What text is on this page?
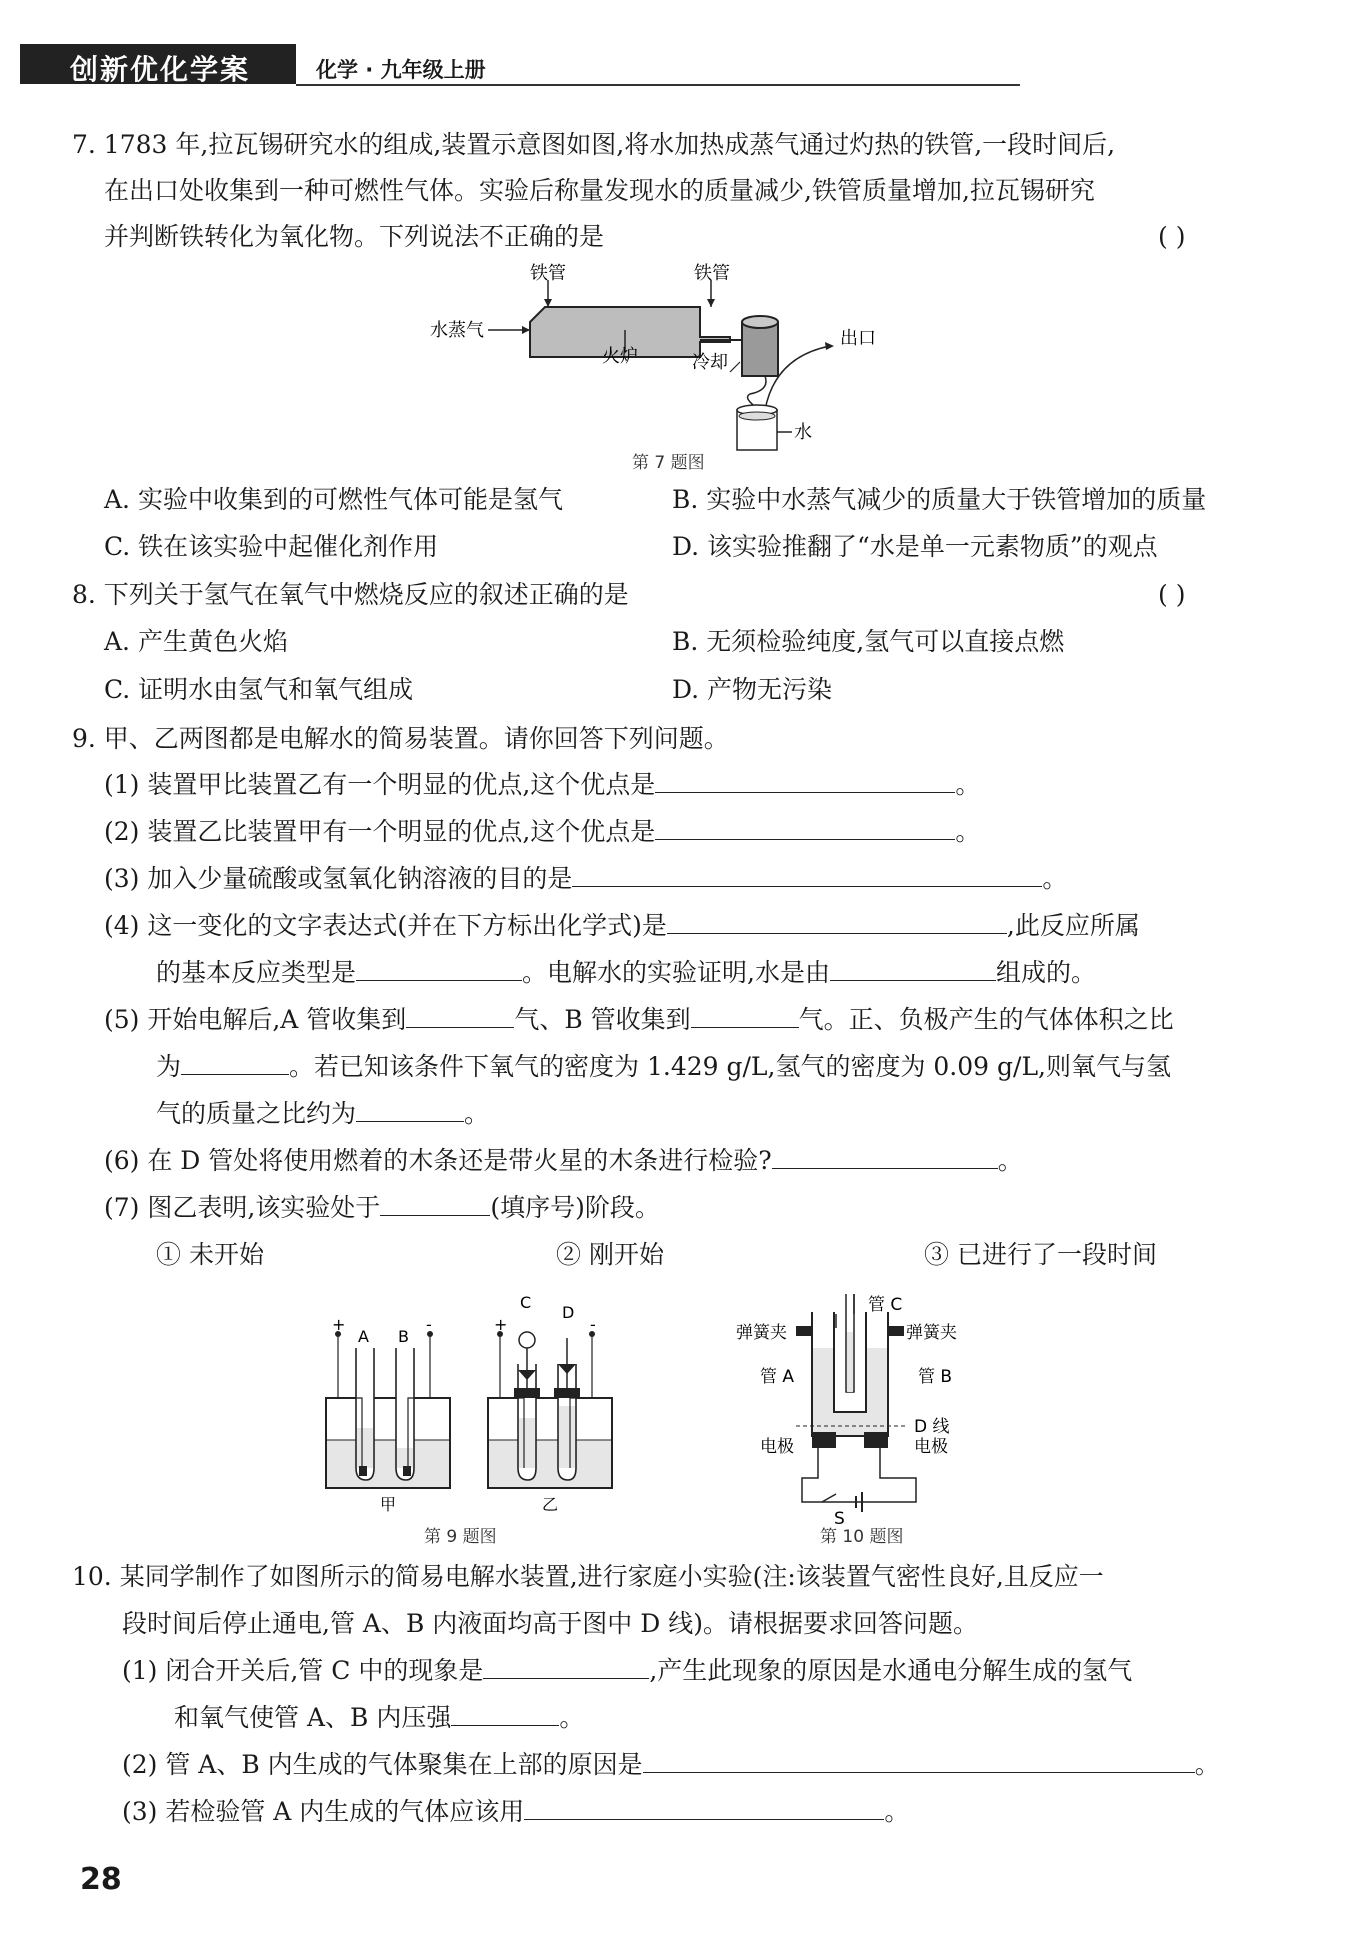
创新优化学案	化学 · 九年级上册
7. 1783 年,拉瓦锡研究水的组成,装置示意图如图,将水加热成蒸气通过灼热的铁管,一段时间后,
在出口处收集到一种可燃性气体。实验后称量发现水的质量减少,铁管质量增加,拉瓦锡研究
并判断铁转化为氧化物。下列说法不正确的是	( )
铁管	铁管
水蒸气
火炉	冷却
出口
水
第 7 题图
A. 实验中收集到的可燃性气体可能是氢气	B. 实验中水蒸气减少的质量大于铁管增加的质量
C. 铁在该实验中起催化剂作用	D. 该实验推翻了“水是单一元素物质”的观点
8. 下列关于氢气在氧气中燃烧反应的叙述正确的是	( )
A. 产生黄色火焰	B. 无须检验纯度,氢气可以直接点燃
C. 证明水由氢气和氧气组成	D. 产物无污染
9. 甲、乙两图都是电解水的简易装置。请你回答下列问题。
(1) 装置甲比装置乙有一个明显的优点,这个优点是	。
(2) 装置乙比装置甲有一个明显的优点,这个优点是	。
(3) 加入少量硫酸或氢氧化钠溶液的目的是	。
(4) 这一变化的文字表达式(并在下方标出化学式)是	,此反应所属
的基本反应类型是	。电解水的实验证明,水是由	组成的。
(5) 开始电解后,A 管收集到	气、B 管收集到	气。正、负极产生的气体体积之比
为	。若已知该条件下氧气的密度为 1.429 g/L,氢气的密度为 0.09 g/L,则氧气与氢
气的质量之比约为	。
(6) 在 D 管处将使用燃着的木条还是带火星的木条进行检验?	。
(7) 图乙表明,该实验处于	(填序号)阶段。
① 未开始	② 刚开始	③ 已进行了一段时间
+	-
A B
甲
+	-
C
D
乙
第 9 题图
管 C
弹簧夹	弹簧夹
管 A	管 B
D 线
电极	电极
S
第 10 题图
10. 某同学制作了如图所示的简易电解水装置,进行家庭小实验(注:该装置气密性良好,且反应一
段时间后停止通电,管 A、B 内液面均高于图中 D 线)。请根据要求回答问题。
(1) 闭合开关后,管 C 中的现象是	,产生此现象的原因是水通电分解生成的氢气
和氧气使管 A、B 内压强	。
(2) 管 A、B 内生成的气体聚集在上部的原因是	。
(3) 若检验管 A 内生成的气体应该用	。
28
